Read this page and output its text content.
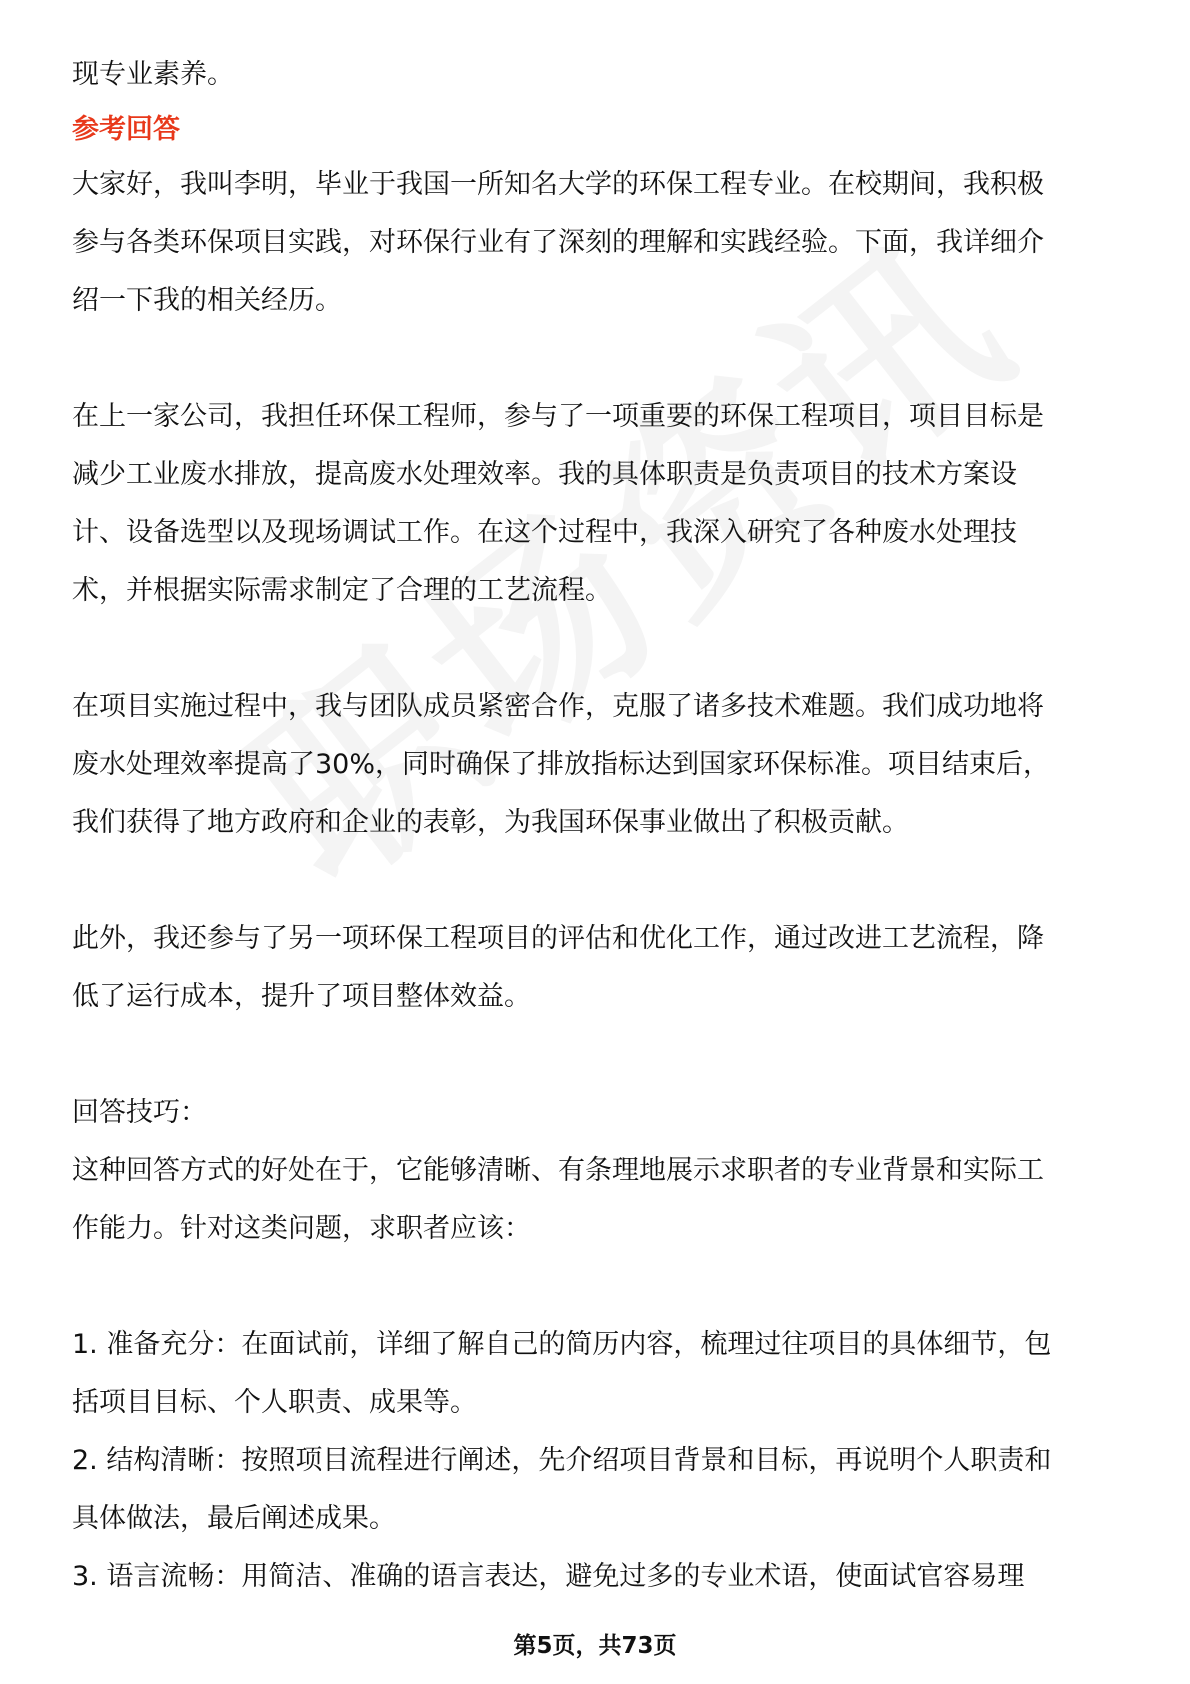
现专业素养。
参考回答
大家好，我叫李明，毕业于我国一所知名大学的环保工程专业。在校期间，我积极
参与各类环保项目实践，对环保行业有了深刻的理解和实践经验。下面，我详细介
绍一下我的相关经历。
在上一家公司，我担任环保工程师，参与了一项重要的环保工程项目，项目目标是
减少工业废水排放，提高废水处理效率。我的具体职责是负责项目的技术方案设
计、设备选型以及现场调试工作。在这个过程中，我深入研究了各种废水处理技
术，并根据实际需求制定了合理的工艺流程。
在项目实施过程中，我与团队成员紧密合作，克服了诸多技术难题。我们成功地将
废水处理效率提高了30%，同时确保了排放指标达到国家环保标准。项目结束后，
我们获得了地方政府和企业的表彰，为我国环保事业做出了积极贡献。
此外，我还参与了另一项环保工程项目的评估和优化工作，通过改进工艺流程，降
低了运行成本，提升了项目整体效益。
回答技巧：
这种回答方式的好处在于，它能够清晰、有条理地展示求职者的专业背景和实际工
作能力。针对这类问题，求职者应该：
1. 准备充分：在面试前，详细了解自己的简历内容，梳理过往项目的具体细节，包
括项目目标、个人职责、成果等。
2. 结构清晰：按照项目流程进行阐述，先介绍项目背景和目标，再说明个人职责和
具体做法，最后阐述成果。
3. 语言流畅：用简洁、准确的语言表达，避免过多的专业术语，使面试官容易理
第5页，共73页
